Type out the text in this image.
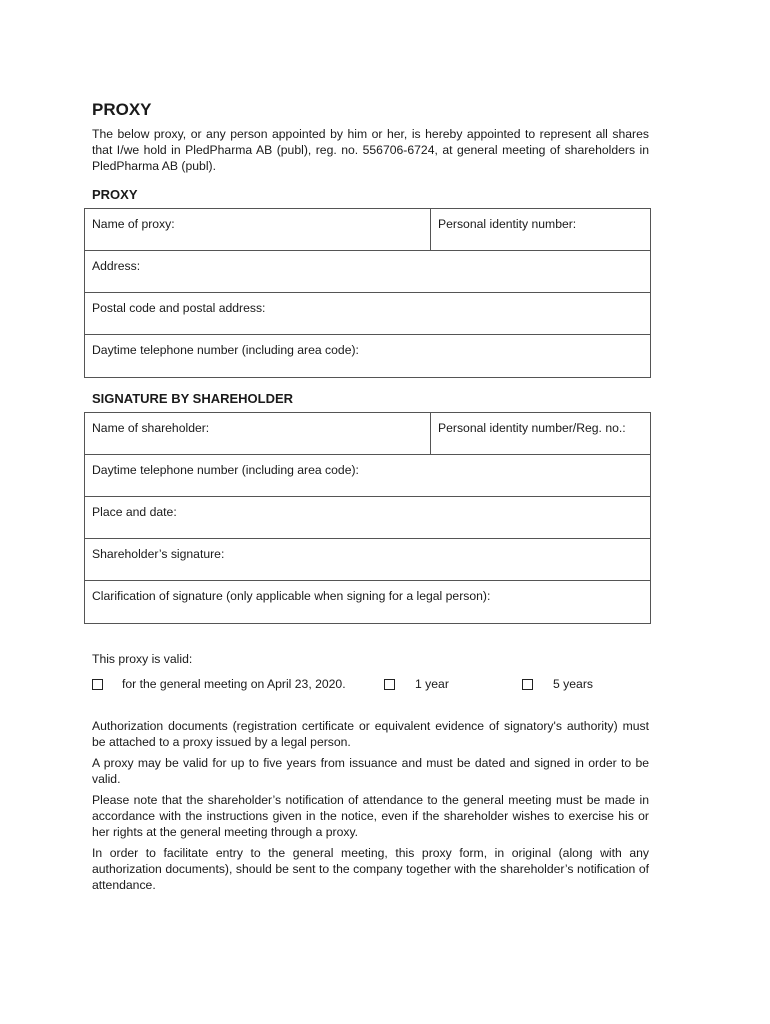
PROXY

The below proxy, or any person appointed by him or her, is hereby appointed to represent all shares that I/we hold in PledPharma AB (publ), reg. no. 556706-6724, at general meeting of shareholders in PledPharma AB (publ).

PROXY
Name of proxy:	Personal identity number:
Address:
Postal code and postal address:
Daytime telephone number (including area code):
SIGNATURE BY SHAREHOLDER
Name of shareholder:	Personal identity number/Reg. no.:
Daytime telephone number (including area code):
Place and date:
Shareholder’s signature:
Clarification of signature (only applicable when signing for a legal person):

This proxy is valid:

for the general meeting on April 23, 2020.	1 year	5 years

Authorization documents (registration certificate or equivalent evidence of signatory's authority) must be attached to a proxy issued by a legal person.

A proxy may be valid for up to five years from issuance and must be dated and signed in order to be valid.

Please note that the shareholder’s notification of attendance to the general meeting must be made in accordance with the instructions given in the notice, even if the shareholder wishes to exercise his or her rights at the general meeting through a proxy.

In order to facilitate entry to the general meeting, this proxy form, in original (along with any authorization documents), should be sent to the company together with the shareholder’s notification of attendance.
